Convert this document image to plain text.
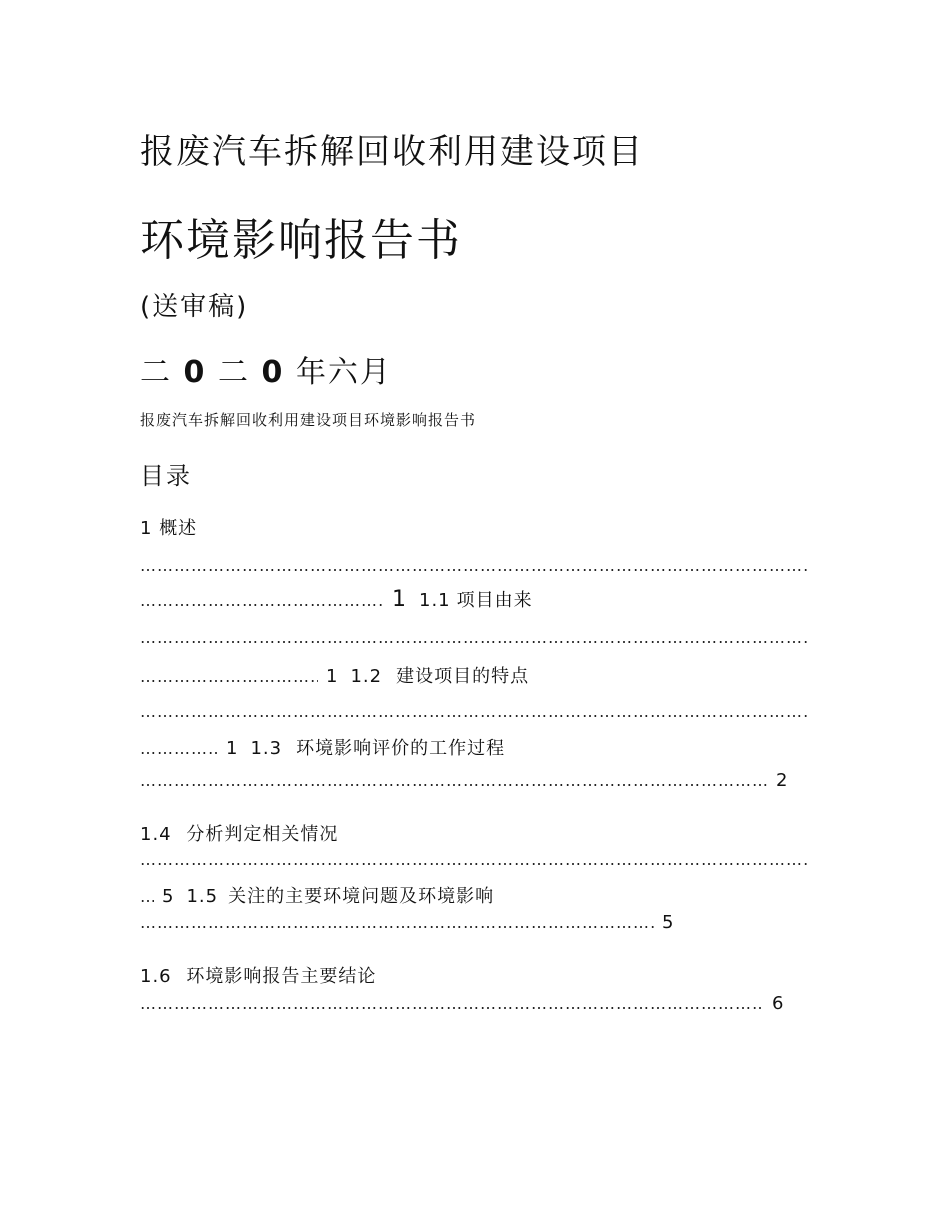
报废汽车拆解回收利用建设项目
环境影响报告书

(送审稿)

二 0 二 0 年六月

报废汽车拆解回收利用建设项目环境影响报告书

目录

1 概述

……………………………………………………………………………………………………………………………………………………………………………………………………………………………………………………
……………………………………………………………………………………………………………………………………………………………………………………………………………………………………………………
1 1.1 项目由来
……………………………………………………………………………………………………………………………………………………………………………………………………………………………………………………
……………………………………………………………………………………………………………………………………………………………………………………………………………………………………………………
1 1.2 建设项目的特点
……………………………………………………………………………………………………………………………………………………………………………………………………………………………………………………
……………………………………………………………………………………………………………………………………………………………………………………………………………………………………………………
1 1.3 环境影响评价的工作过程
……………………………………………………………………………………………………………………………………………………………………………………………………………………………………………………
2

1.4 分析判定相关情况

……………………………………………………………………………………………………………………………………………………………………………………………………………………………………………………
……………………………………………………………………………………………………………………………………………………………………………………………………………………………………………………
5 1.5 关注的主要环境问题及环境影响
……………………………………………………………………………………………………………………………………………………………………………………………………………………………………………………
5

1.6 环境影响报告主要结论

……………………………………………………………………………………………………………………………………………………………………………………………………………………………………………………
6
